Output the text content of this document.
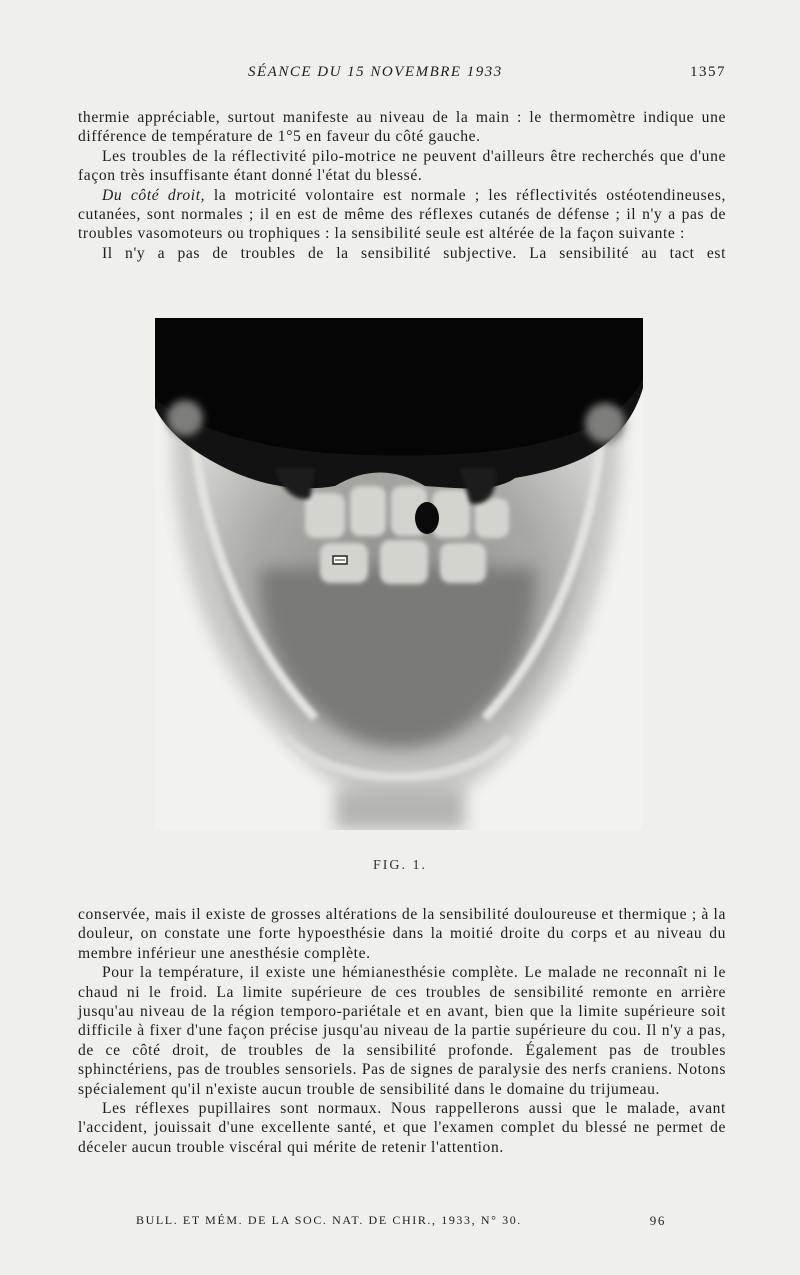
SÉANCE DU 15 NOVEMBRE 1933	1357

thermie appréciable, surtout manifeste au niveau de la main : le thermomètre indique une différence de température de 1°5 en faveur du côté gauche.

Les troubles de la réflectivité pilo-motrice ne peuvent d'ailleurs être recherchés que d'une façon très insuffisante étant donné l'état du blessé.

Du côté droit, la motricité volontaire est normale ; les réflectivités ostéotendineuses, cutanées, sont normales ; il en est de même des réflexes cutanés de défense ; il n'y a pas de troubles vasomoteurs ou trophiques : la sensibilité seule est altérée de la façon suivante :

Il n'y a pas de troubles de la sensibilité subjective. La sensibilité au tact est

FIG. 1.

conservée, mais il existe de grosses altérations de la sensibilité douloureuse et thermique ; à la douleur, on constate une forte hypoesthésie dans la moitié droite du corps et au niveau du membre inférieur une anesthésie complète.

Pour la température, il existe une hémianesthésie complète. Le malade ne reconnaît ni le chaud ni le froid. La limite supérieure de ces troubles de sensibilité remonte en arrière jusqu'au niveau de la région temporo-pariétale et en avant, bien que la limite supérieure soit difficile à fixer d'une façon précise jusqu'au niveau de la partie supérieure du cou. Il n'y a pas, de ce côté droit, de troubles de la sensibilité profonde. Également pas de troubles sphinctériens, pas de troubles sensoriels. Pas de signes de paralysie des nerfs craniens. Notons spécialement qu'il n'existe aucun trouble de sensibilité dans le domaine du trijumeau.

Les réflexes pupillaires sont normaux. Nous rappellerons aussi que le malade, avant l'accident, jouissait d'une excellente santé, et que l'examen complet du blessé ne permet de déceler aucun trouble viscéral qui mérite de retenir l'attention.

BULL. ET MÉM. DE LA SOC. NAT. DE CHIR., 1933, N° 30.	96
